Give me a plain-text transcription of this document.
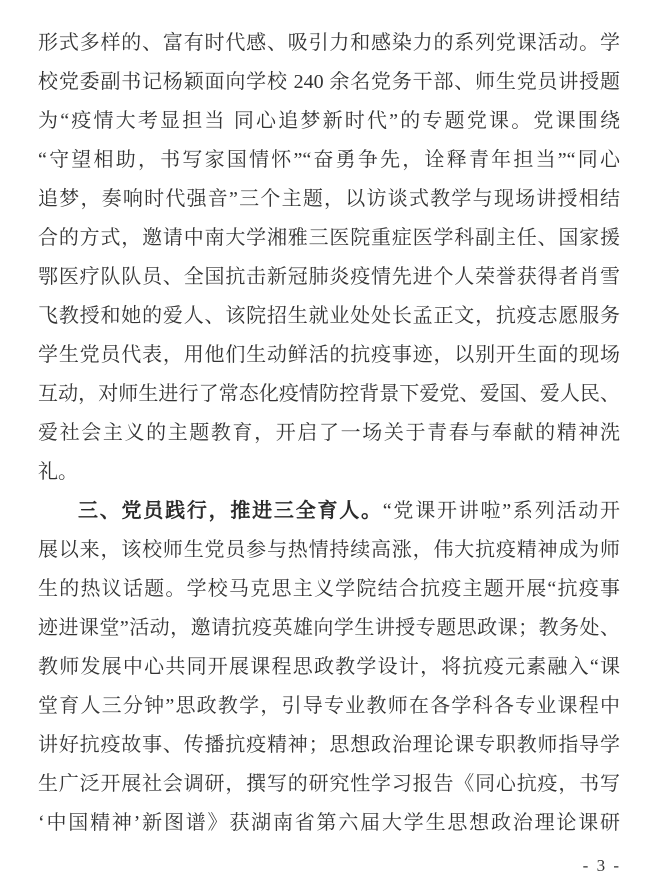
形式多样的、富有时代感、吸引力和感染力的系列党课活动。学
校党委副书记杨颖面向学校 240 余名党务干部、师生党员讲授题
为“疫情大考显担当 同心追梦新时代”的专题党课。党课围绕
“守望相助，书写家国情怀”“奋勇争先，诠释青年担当”“同心
追梦，奏响时代强音”三个主题，以访谈式教学与现场讲授相结
合的方式，邀请中南大学湘雅三医院重症医学科副主任、国家援
鄂医疗队队员、全国抗击新冠肺炎疫情先进个人荣誉获得者肖雪
飞教授和她的爱人、该院招生就业处处长孟正文，抗疫志愿服务
学生党员代表，用他们生动鲜活的抗疫事迹，以别开生面的现场
互动，对师生进行了常态化疫情防控背景下爱党、爱国、爱人民、
爱社会主义的主题教育，开启了一场关于青春与奉献的精神洗
礼。
三、党员践行，推进三全育人。“党课开讲啦”系列活动开
展以来，该校师生党员参与热情持续高涨，伟大抗疫精神成为师
生的热议话题。学校马克思主义学院结合抗疫主题开展“抗疫事
迹进课堂”活动，邀请抗疫英雄向学生讲授专题思政课；教务处、
教师发展中心共同开展课程思政教学设计，将抗疫元素融入“课
堂育人三分钟”思政教学，引导专业教师在各学科各专业课程中
讲好抗疫故事、传播抗疫精神；思想政治理论课专职教师指导学
生广泛开展社会调研，撰写的研究性学习报告《同心抗疫，书写
‘中国精神’新图谱》获湖南省第六届大学生思想政治理论课研
- 3 -
